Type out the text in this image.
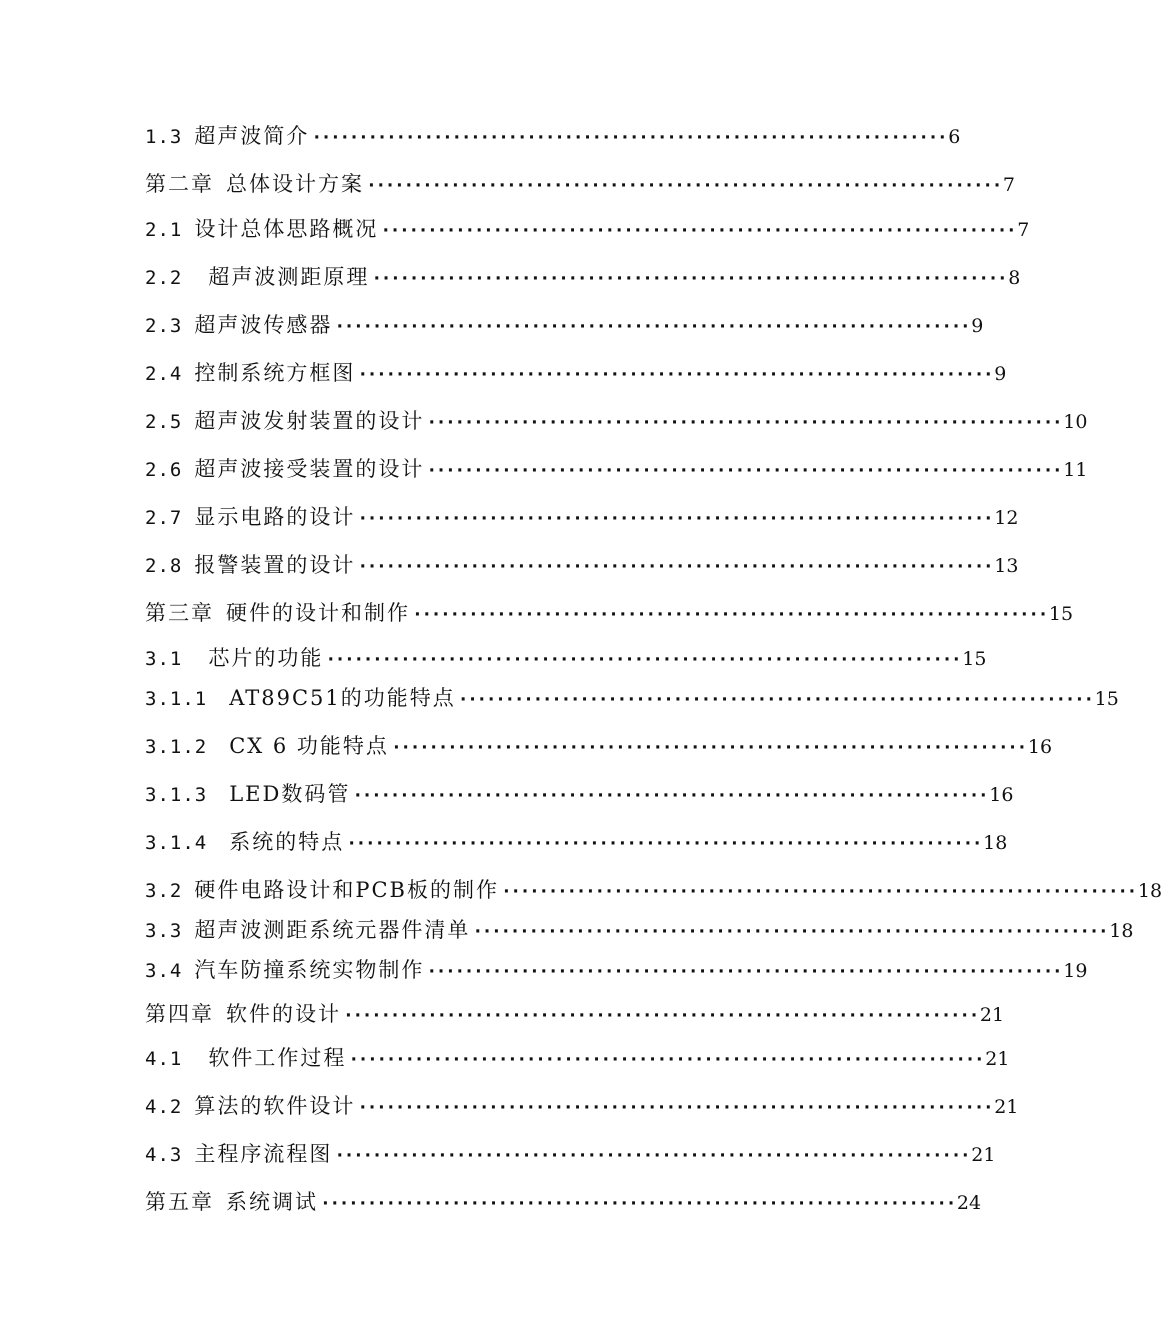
1.3 超声波简介 ···································································· 6
第二章 总体设计方案 ···································································· 7
2.1 设计总体思路概况 ···································································· 7
2.2 超声波测距原理 ···································································· 8
2.3 超声波传感器 ···································································· 9
2.4 控制系统方框图 ···································································· 9
2.5 超声波发射装置的设计 ···································································· 10
2.6 超声波接受装置的设计 ···································································· 11
2.7 显示电路的设计 ···································································· 12
2.8 报警装置的设计 ···································································· 13
第三章 硬件的设计和制作 ···································································· 15
3.1 芯片的功能 ···································································· 15
3.1.1 AT89C51的功能特点 ···································································· 15
3.1.2 CX 6 功能特点 ···································································· 16
3.1.3 LED数码管 ···································································· 16
3.1.4 系统的特点 ···································································· 18
3.2 硬件电路设计和PCB板的制作 ···································································· 18
3.3 超声波测距系统元器件清单 ···································································· 18
3.4 汽车防撞系统实物制作 ···································································· 19
第四章 软件的设计 ···································································· 21
4.1 软件工作过程 ···································································· 21
4.2 算法的软件设计 ···································································· 21
4.3 主程序流程图 ···································································· 21
第五章 系统调试 ···································································· 24
